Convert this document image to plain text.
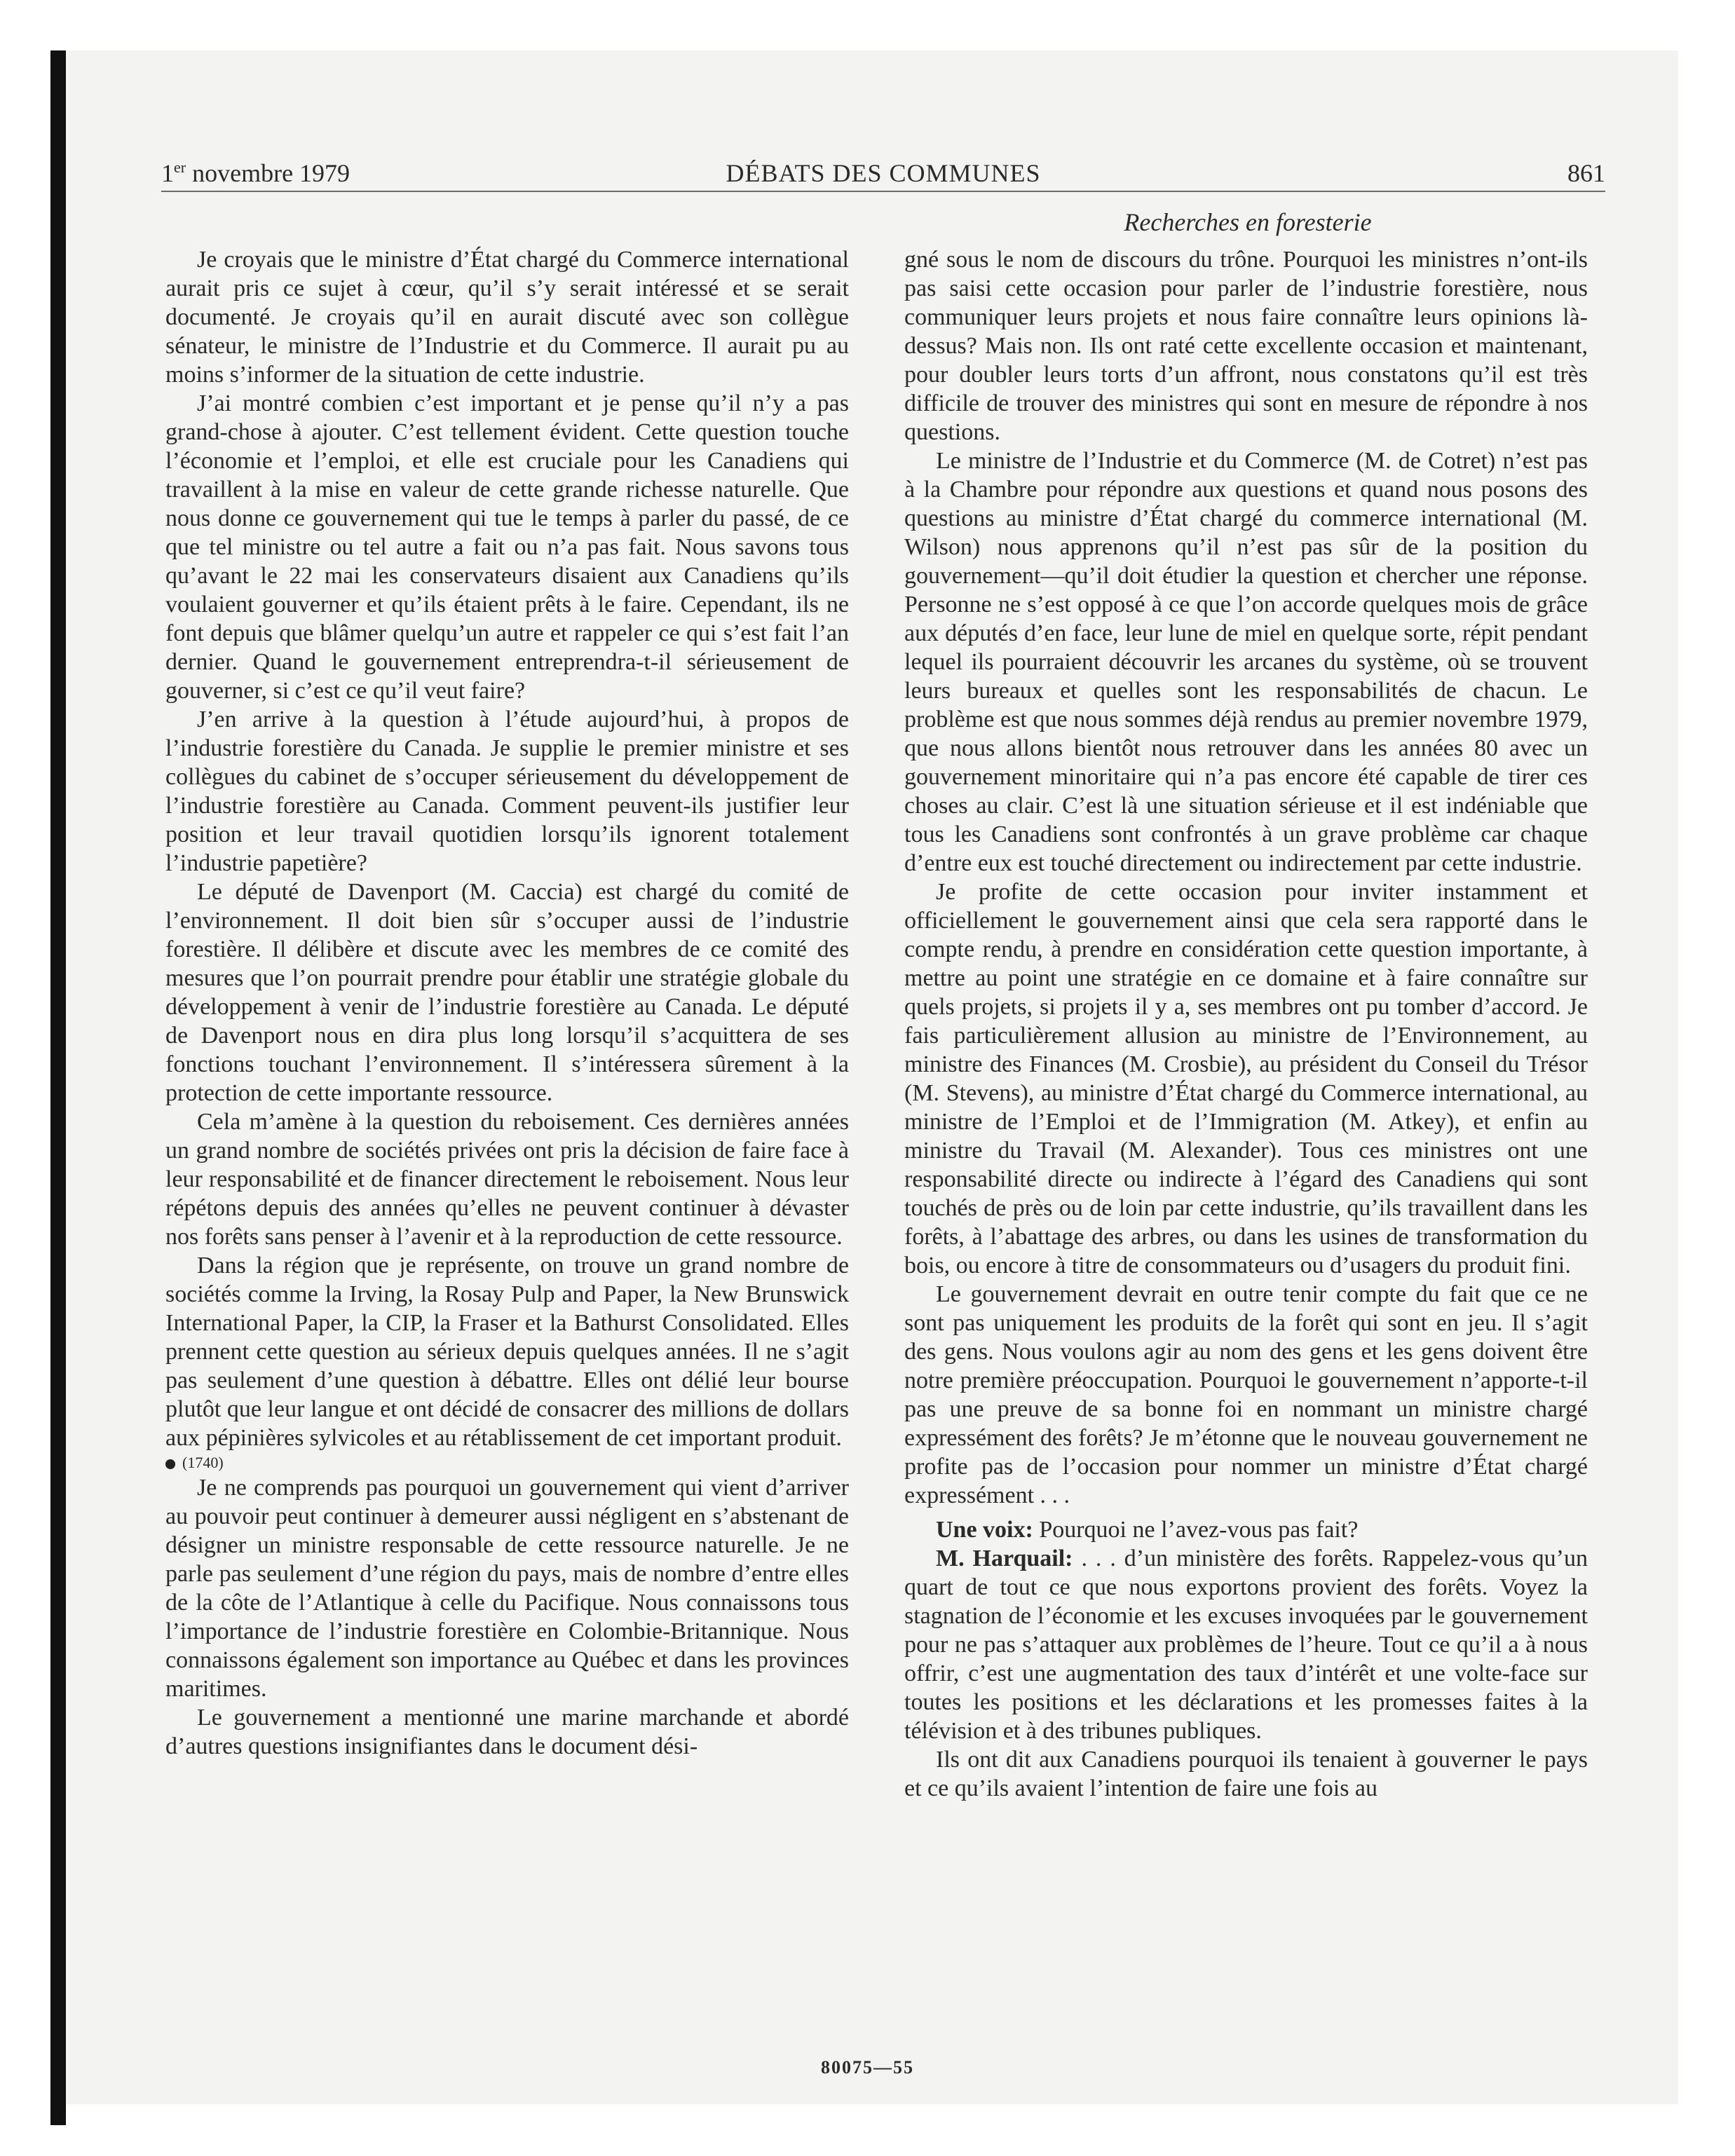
1er novembre 1979	DÉBATS DES COMMUNES	861
Recherches en foresterie

Je croyais que le ministre d’État chargé du Commerce international aurait pris ce sujet à cœur, qu’il s’y serait intéressé et se serait documenté. Je croyais qu’il en aurait discuté avec son collègue sénateur, le ministre de l’Industrie et du Commerce. Il aurait pu au moins s’informer de la situation de cette industrie.

J’ai montré combien c’est important et je pense qu’il n’y a pas grand-chose à ajouter. C’est tellement évident. Cette question touche l’économie et l’emploi, et elle est cruciale pour les Canadiens qui travaillent à la mise en valeur de cette grande richesse naturelle. Que nous donne ce gouvernement qui tue le temps à parler du passé, de ce que tel ministre ou tel autre a fait ou n’a pas fait. Nous savons tous qu’avant le 22 mai les conservateurs disaient aux Canadiens qu’ils voulaient gouverner et qu’ils étaient prêts à le faire. Cependant, ils ne font depuis que blâmer quelqu’un autre et rappeler ce qui s’est fait l’an dernier. Quand le gouvernement entreprendra-t-il sérieusement de gouverner, si c’est ce qu’il veut faire?

J’en arrive à la question à l’étude aujourd’hui, à propos de l’industrie forestière du Canada. Je supplie le premier ministre et ses collègues du cabinet de s’occuper sérieusement du développement de l’industrie forestière au Canada. Comment peuvent-ils justifier leur position et leur travail quotidien lorsqu’ils ignorent totalement l’industrie papetière?

Le député de Davenport (M. Caccia) est chargé du comité de l’environnement. Il doit bien sûr s’occuper aussi de l’industrie forestière. Il délibère et discute avec les membres de ce comité des mesures que l’on pourrait prendre pour établir une stratégie globale du développement à venir de l’industrie forestière au Canada. Le député de Davenport nous en dira plus long lorsqu’il s’acquittera de ses fonctions touchant l’environnement. Il s’intéressera sûrement à la protection de cette importante ressource.

Cela m’amène à la question du reboisement. Ces dernières années un grand nombre de sociétés privées ont pris la décision de faire face à leur responsabilité et de financer directement le reboisement. Nous leur répétons depuis des années qu’elles ne peuvent continuer à dévaster nos forêts sans penser à l’avenir et à la reproduction de cette ressource.

Dans la région que je représente, on trouve un grand nombre de sociétés comme la Irving, la Rosay Pulp and Paper, la New Brunswick International Paper, la CIP, la Fraser et la Bathurst Consolidated. Elles prennent cette question au sérieux depuis quelques années. Il ne s’agit pas seulement d’une question à débattre. Elles ont délié leur bourse plutôt que leur langue et ont décidé de consacrer des millions de dollars aux pépinières sylvicoles et au rétablissement de cet important produit.

(1740)

Je ne comprends pas pourquoi un gouvernement qui vient d’arriver au pouvoir peut continuer à demeurer aussi négligent en s’abstenant de désigner un ministre responsable de cette ressource naturelle. Je ne parle pas seulement d’une région du pays, mais de nombre d’entre elles de la côte de l’Atlantique à celle du Pacifique. Nous connaissons tous l’importance de l’industrie forestière en Colombie-Britannique. Nous connaissons également son importance au Québec et dans les provinces maritimes.

Le gouvernement a mentionné une marine marchande et abordé d’autres questions insignifiantes dans le document dési-

gné sous le nom de discours du trône. Pourquoi les ministres n’ont-ils pas saisi cette occasion pour parler de l’industrie forestière, nous communiquer leurs projets et nous faire connaître leurs opinions là-dessus? Mais non. Ils ont raté cette excellente occasion et maintenant, pour doubler leurs torts d’un affront, nous constatons qu’il est très difficile de trouver des ministres qui sont en mesure de répondre à nos questions.

Le ministre de l’Industrie et du Commerce (M. de Cotret) n’est pas à la Chambre pour répondre aux questions et quand nous posons des questions au ministre d’État chargé du commerce international (M. Wilson) nous apprenons qu’il n’est pas sûr de la position du gouvernement—qu’il doit étudier la question et chercher une réponse. Personne ne s’est opposé à ce que l’on accorde quelques mois de grâce aux députés d’en face, leur lune de miel en quelque sorte, répit pendant lequel ils pourraient découvrir les arcanes du système, où se trouvent leurs bureaux et quelles sont les responsabilités de chacun. Le problème est que nous sommes déjà rendus au premier novembre 1979, que nous allons bientôt nous retrouver dans les années 80 avec un gouvernement minoritaire qui n’a pas encore été capable de tirer ces choses au clair. C’est là une situation sérieuse et il est indéniable que tous les Canadiens sont confrontés à un grave problème car chaque d’entre eux est touché directement ou indirectement par cette industrie.

Je profite de cette occasion pour inviter instamment et officiellement le gouvernement ainsi que cela sera rapporté dans le compte rendu, à prendre en considération cette question importante, à mettre au point une stratégie en ce domaine et à faire connaître sur quels projets, si projets il y a, ses membres ont pu tomber d’accord. Je fais particulièrement allusion au ministre de l’Environnement, au ministre des Finances (M. Crosbie), au président du Conseil du Trésor (M. Stevens), au ministre d’État chargé du Commerce international, au ministre de l’Emploi et de l’Immigration (M. Atkey), et enfin au ministre du Travail (M. Alexander). Tous ces ministres ont une responsabilité directe ou indirecte à l’égard des Canadiens qui sont touchés de près ou de loin par cette industrie, qu’ils travaillent dans les forêts, à l’abattage des arbres, ou dans les usines de transformation du bois, ou encore à titre de consommateurs ou d’usagers du produit fini.

Le gouvernement devrait en outre tenir compte du fait que ce ne sont pas uniquement les produits de la forêt qui sont en jeu. Il s’agit des gens. Nous voulons agir au nom des gens et les gens doivent être notre première préoccupation. Pourquoi le gouvernement n’apporte-t-il pas une preuve de sa bonne foi en nommant un ministre chargé expressément des forêts? Je m’étonne que le nouveau gouvernement ne profite pas de l’occasion pour nommer un ministre d’État chargé expressément . . .

Une voix: Pourquoi ne l’avez-vous pas fait?

M. Harquail: . . . d’un ministère des forêts. Rappelez-vous qu’un quart de tout ce que nous exportons provient des forêts. Voyez la stagnation de l’économie et les excuses invoquées par le gouvernement pour ne pas s’attaquer aux problèmes de l’heure. Tout ce qu’il a à nous offrir, c’est une augmentation des taux d’intérêt et une volte-face sur toutes les positions et les déclarations et les promesses faites à la télévision et à des tribunes publiques.

Ils ont dit aux Canadiens pourquoi ils tenaient à gouverner le pays et ce qu’ils avaient l’intention de faire une fois au

80075—55
